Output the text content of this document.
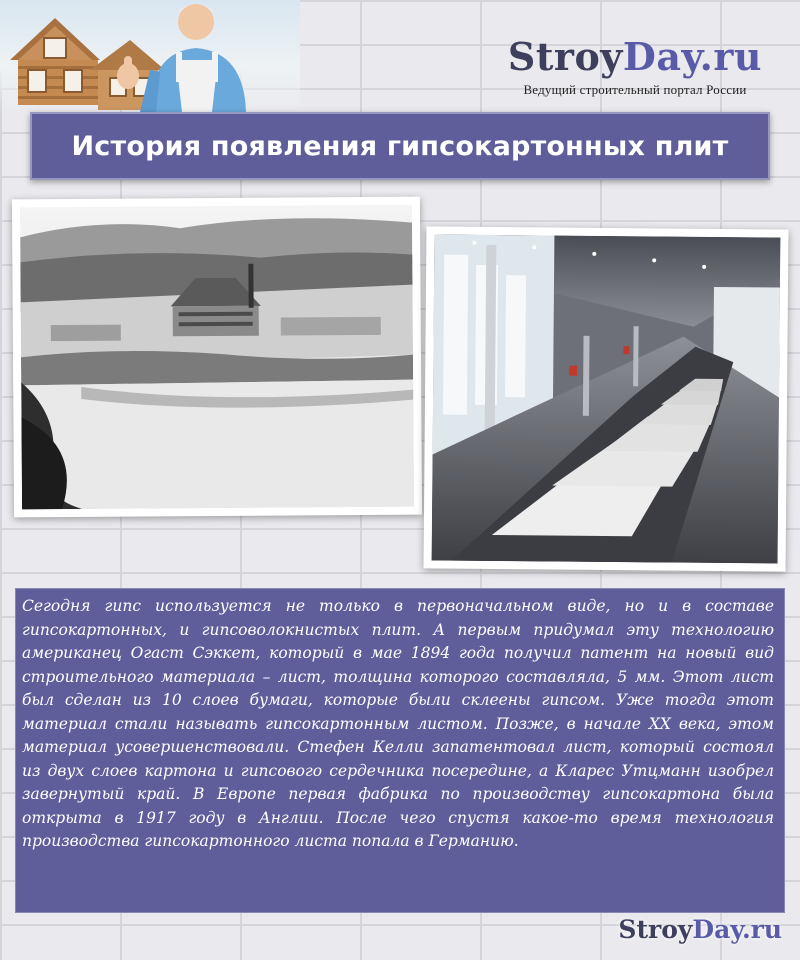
StroyDay.ru
Ведущий строительный портал России
История появления гипсокартонных плит

Сегодня гипс используется не только в первоначальном виде, но и в составе гипсокартонных, и гипсоволокнистых плит. А первым придумал эту технологию американец Огаст Сэккет, который в мае 1894 года получил патент на новый вид строительного материала – лист, толщина которого составляла, 5 мм. Этот лист был сделан из 10 слоев бумаги, которые были склеены гипсом. Уже тогда этот материал стали называть гипсокартонным листом. Позже, в начале XX века, этом материал усовершенствовали. Стефен Келли запатентовал лист, который состоял из двух слоев картона и гипсового сердечника посередине, а Кларес Утцманн изобрел завернутый край. В Европе первая фабрика по производству гипсокартона была открыта в 1917 году в Англии. После чего спустя какое-то время технология производства гипсокартонного листа попала в Германию.

StroyDay.ru
